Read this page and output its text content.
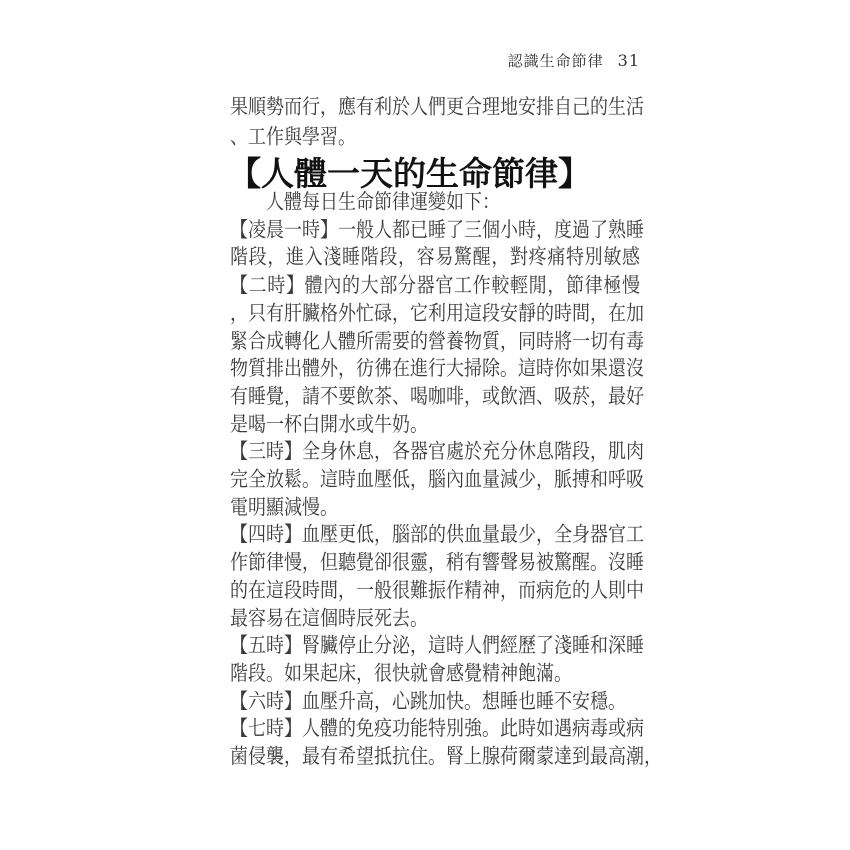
認識生命節律 31
果順勢而行，應有利於人們更合理地安排自己的生活
、工作與學習。
【人體一天的生命節律】
人體每日生命節律運變如下：
【凌晨一時】一般人都已睡了三個小時，度過了熟睡
階段，進入淺睡階段，容易驚醒，對疼痛特別敏感
【二時】體內的大部分器官工作較輕閒，節律極慢
，只有肝臟格外忙碌，它利用這段安靜的時間，在加
緊合成轉化人體所需要的營養物質，同時將一切有毒
物質排出體外，彷彿在進行大掃除。這時你如果還沒
有睡覺，請不要飲茶、喝咖啡，或飲酒、吸菸，最好
是喝一杯白開水或牛奶。
【三時】全身休息，各器官處於充分休息階段，肌肉
完全放鬆。這時血壓低，腦內血量減少，脈搏和呼吸
電明顯減慢。
【四時】血壓更低，腦部的供血量最少，全身器官工
作節律慢，但聽覺卻很靈，稍有響聲易被驚醒。沒睡
的在這段時間，一般很難振作精神，而病危的人則中
最容易在這個時辰死去。
【五時】腎臟停止分泌，這時人們經歷了淺睡和深睡
階段。如果起床，很快就會感覺精神飽滿。
【六時】血壓升高，心跳加快。想睡也睡不安穩。
【七時】人體的免疫功能特別強。此時如遇病毒或病
菌侵襲，最有希望抵抗住。腎上腺荷爾蒙達到最高潮，
